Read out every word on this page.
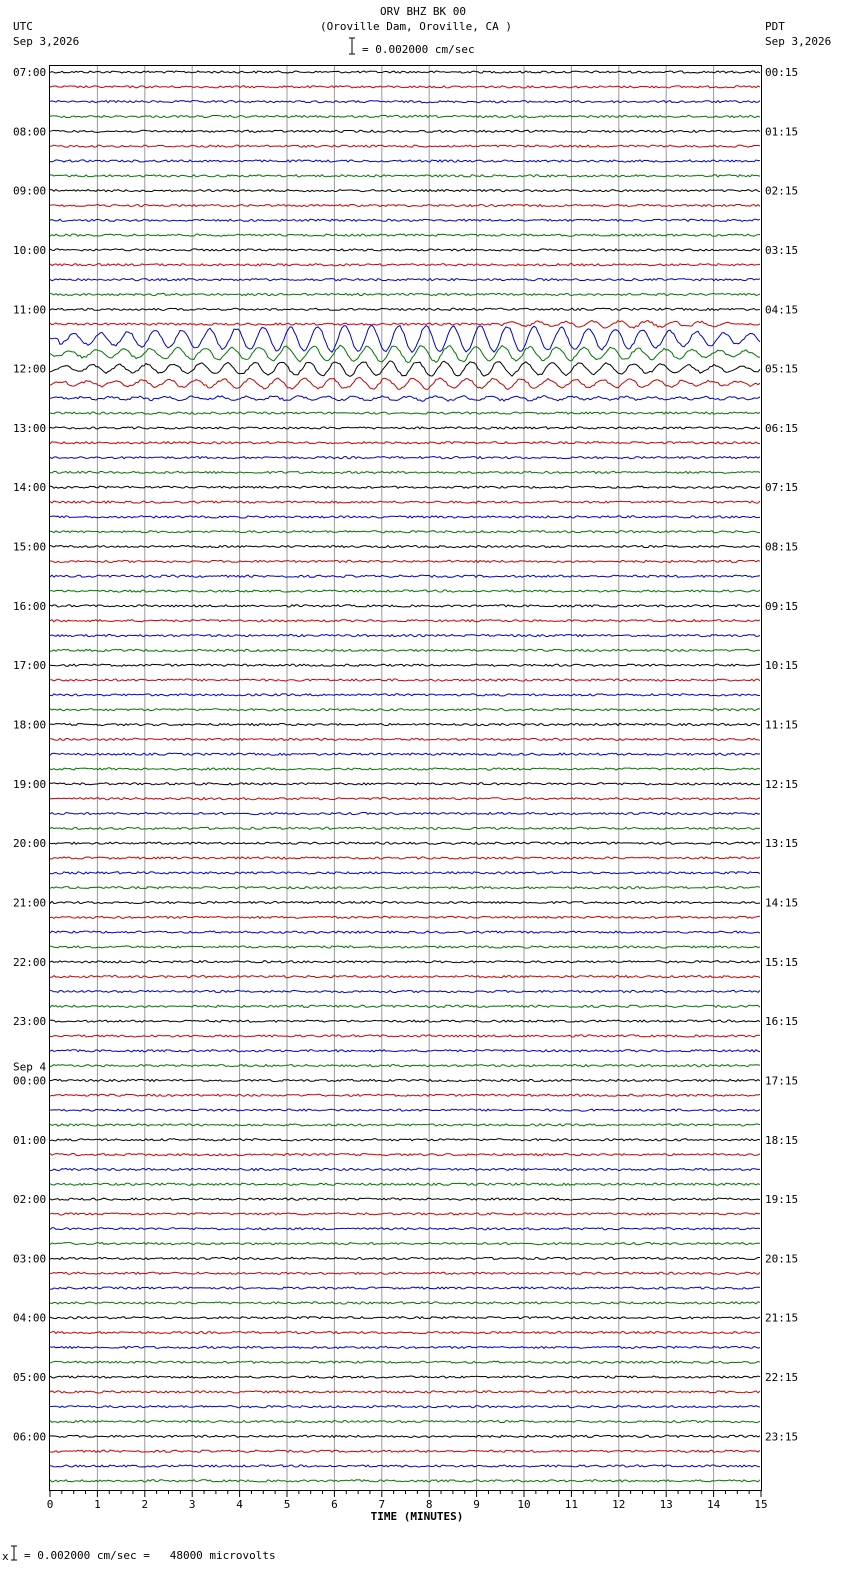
ORV BHZ BK 00
(Oroville Dam, Oroville, CA )
= 0.002000 cm/sec
UTC
Sep 3,2026
PDT
Sep 3,2026
07:00
08:00
09:00
10:00
11:00
12:00
13:00
14:00
15:00
16:00
17:00
18:00
19:00
20:00
21:00
22:00
23:00
00:00
Sep 4
01:00
02:00
03:00
04:00
05:00
06:00
00:15
01:15
02:15
03:15
04:15
05:15
06:15
07:15
08:15
09:15
10:15
11:15
12:15
13:15
14:15
15:15
16:15
17:15
18:15
19:15
20:15
21:15
22:15
23:15
0	1	2	3	4	5	6	7	8	9	10	11	12	13	14	15
TIME (MINUTES)
x = 0.002000 cm/sec =   48000 microvolts
